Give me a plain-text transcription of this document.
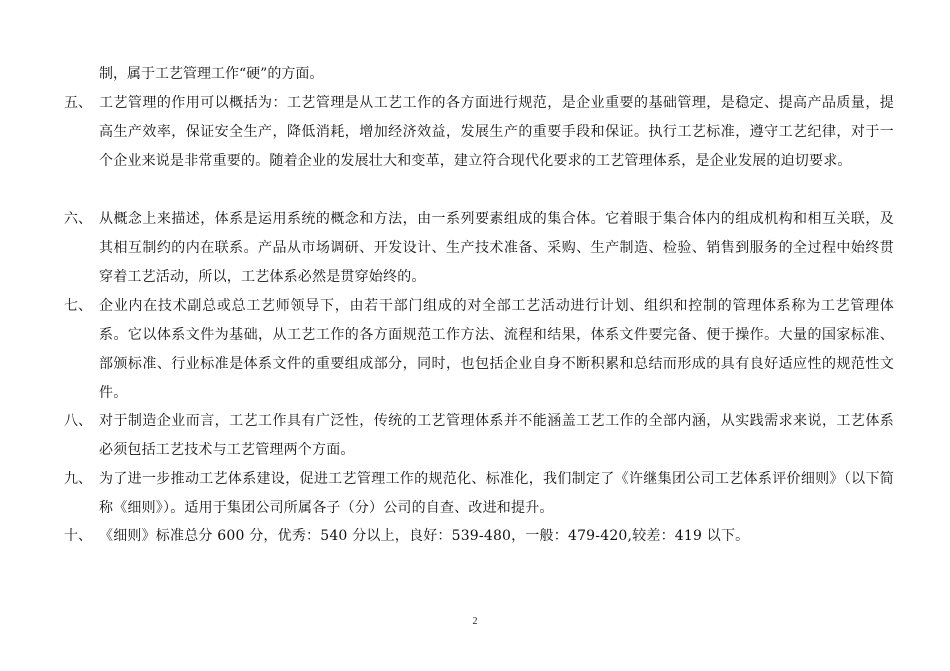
制，属于工艺管理工作“硬”的方面。
五、 工艺管理的作用可以概括为：工艺管理是从工艺工作的各方面进行规范，是企业重要的基础管理，是稳定、提高产品质量，提高生产效率，保证安全生产，降低消耗，增加经济效益，发展生产的重要手段和保证。执行工艺标准，遵守工艺纪律，对于一个企业来说是非常重要的。随着企业的发展壮大和变革，建立符合现代化要求的工艺管理体系，是企业发展的迫切要求。
六、 从概念上来描述，体系是运用系统的概念和方法，由一系列要素组成的集合体。它着眼于集合体内的组成机构和相互关联，及其相互制约的内在联系。产品从市场调研、开发设计、生产技术准备、采购、生产制造、检验、销售到服务的全过程中始终贯穿着工艺活动，所以，工艺体系必然是贯穿始终的。
七、 企业内在技术副总或总工艺师领导下，由若干部门组成的对全部工艺活动进行计划、组织和控制的管理体系称为工艺管理体系。它以体系文件为基础，从工艺工作的各方面规范工作方法、流程和结果，体系文件要完备、便于操作。大量的国家标准、部颁标准、行业标准是体系文件的重要组成部分，同时，也包括企业自身不断积累和总结而形成的具有良好适应性的规范性文件。
八、 对于制造企业而言，工艺工作具有广泛性，传统的工艺管理体系并不能涵盖工艺工作的全部内涵，从实践需求来说，工艺体系必须包括工艺技术与工艺管理两个方面。
九、 为了进一步推动工艺体系建设，促进工艺管理工作的规范化、标准化，我们制定了《许继集团公司工艺体系评价细则》（以下简称《细则》）。适用于集团公司所属各子（分）公司的自查、改进和提升。
十、 《细则》标准总分 600 分，优秀：540 分以上，良好：539-480，一般：479-420,较差：419 以下。
2
